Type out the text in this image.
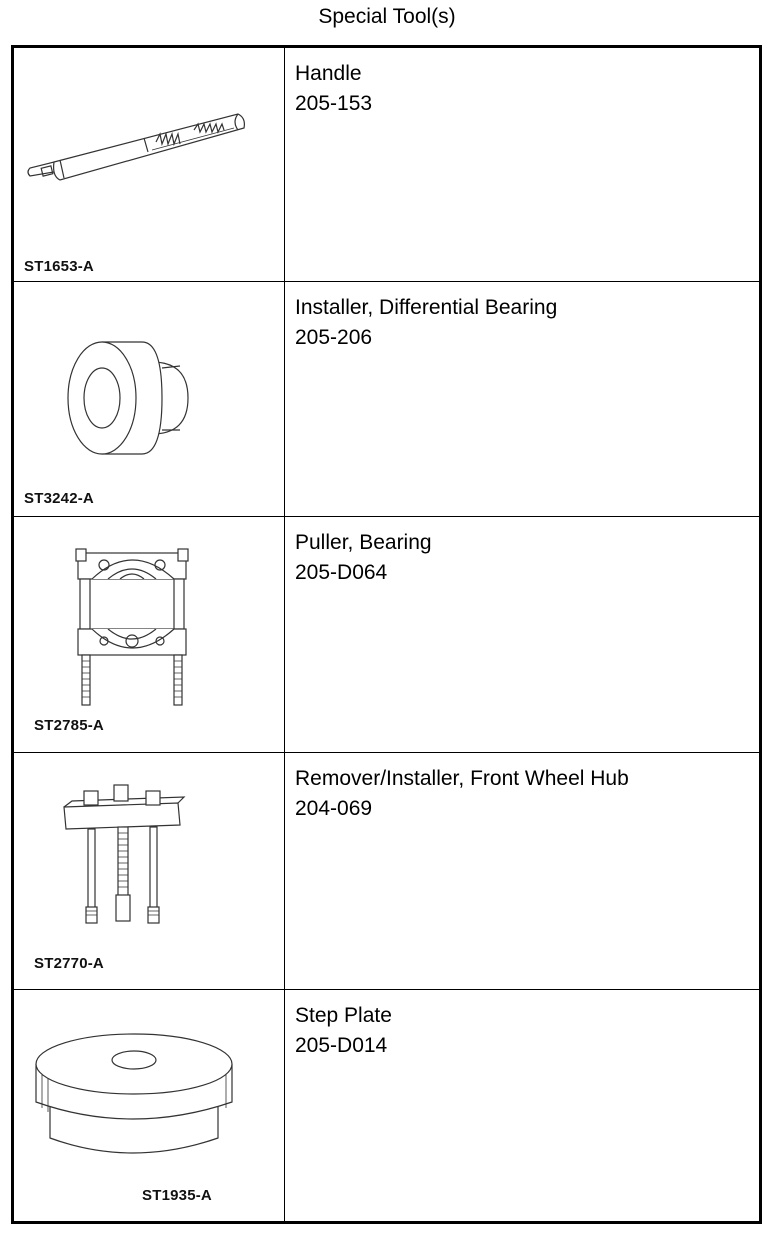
Special Tool(s)
ST1653-A
Handle
205-153
ST3242-A
Installer, Differential Bearing
205-206
ST2785-A
Puller, Bearing
205-D064
ST2770-A
Remover/Installer, Front Wheel Hub
204-069
ST1935-A
Step Plate
205-D014
